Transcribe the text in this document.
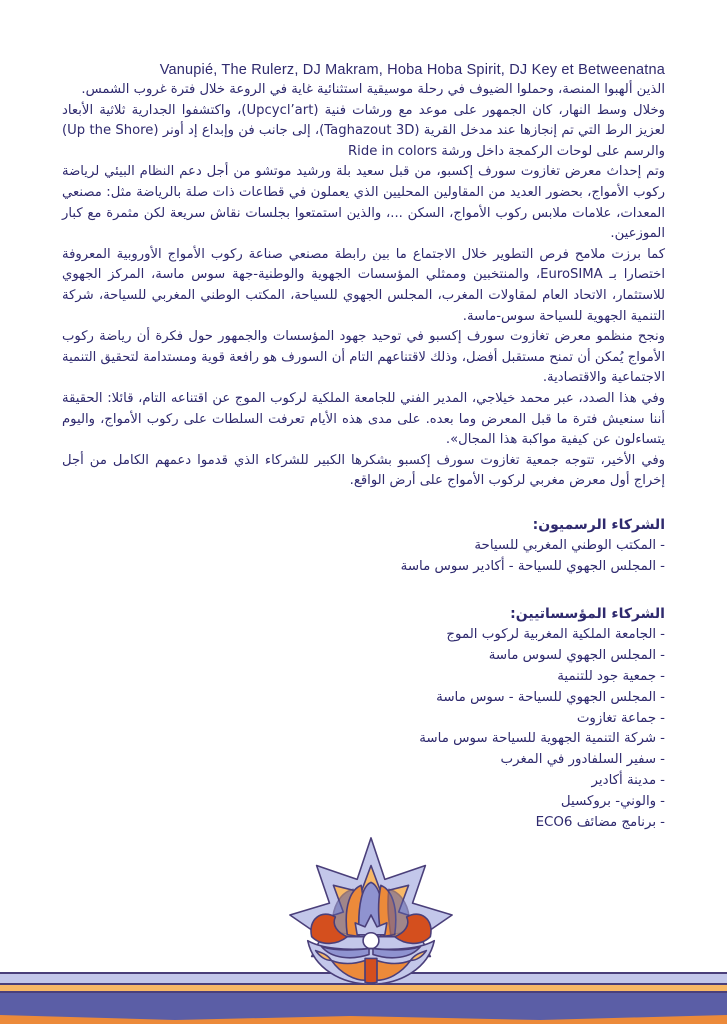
Vanupié, The Rulerz, DJ Makram, Hoba Hoba Spirit, DJ Key et Betweenatna

الذين ألهبوا المنصة، وحملوا الضيوف في رحلة موسيقية استثنائية غاية في الروعة خلال فترة غروب الشمس.

وخلال وسط النهار، كان الجمهور على موعد مع ورشات فنية (Upcycl’art)، واكتشفوا الجدارية ثلاثية الأبعاد لعزيز الرط التي تم إنجازها عند مدخل القرية (Taghazout 3D)، إلى جانب فن وإبداع إد أونر (Up the Shore) والرسم على لوحات الركمجة داخل ورشة Ride in colors

وتم إحداث معرض تغازوت سورف إكسبو، من قبل سعيد بلة ورشيد موتشو من أجل دعم النظام البيئي لرياضة ركوب الأمواج، بحضور العديد من المقاولين المحليين الذي يعملون في قطاعات ذات صلة بالرياضة مثل: مصنعي المعدات، علامات ملابس ركوب الأمواج، السكن ...، والذين استمتعوا بجلسات نقاش سريعة لكن مثمرة مع كبار الموزعين.

كما برزت ملامح فرص التطوير خلال الاجتماع ما بين رابطة مصنعي صناعة ركوب الأمواج الأوروبية المعروفة اختصارا بـ EuroSIMA، والمنتخبين وممثلي المؤسسات الجهوية والوطنية-جهة سوس ماسة، المركز الجهوي للاستثمار، الاتحاد العام لمقاولات المغرب، المجلس الجهوي للسياحة، المكتب الوطني المغربي للسياحة، شركة التنمية الجهوية للسياحة سوس-ماسة.

ونجح منظمو معرض تغازوت سورف إكسبو في توحيد جهود المؤسسات والجمهور حول فكرة أن رياضة ركوب الأمواج يُمكن أن تمنح مستقبل أفضل، وذلك لاقتناعهم التام أن السورف هو رافعة قوية ومستدامة لتحقيق التنمية الاجتماعية والاقتصادية.

وفي هذا الصدد، عبر محمد خيلاجي، المدير الفني للجامعة الملكية لركوب الموج عن اقتناعه التام، قائلا: الحقيقة أننا سنعيش فترة ما قبل المعرض وما بعده. على مدى هذه الأيام تعرفت السلطات على ركوب الأمواج، واليوم يتساءلون عن كيفية مواكبة هذا المجال».

وفي الأخير، تتوجه جمعية تغازوت سورف إكسبو بشكرها الكبير للشركاء الذي قدموا دعمهم الكامل من أجل إخراج أول معرض مغربي لركوب الأمواج على أرض الواقع.

الشركاء الرسميون:

-المكتب الوطني المغربي للسياحة
-المجلس الجهوي للسياحة - أكادير سوس ماسة

الشركاء المؤسساتيين:

-الجامعة الملكية المغربية لركوب الموج
-المجلس الجهوي لسوس ماسة
-جمعية جود للتنمية
-المجلس الجهوي للسياحة - سوس ماسة
-جماعة تغازوت
-شركة التنمية الجهوية للسياحة سوس ماسة
-سفير السلفادور في المغرب
-مدينة أكادير
-والوني- بروكسيل
-برنامج مضائف ECO6
